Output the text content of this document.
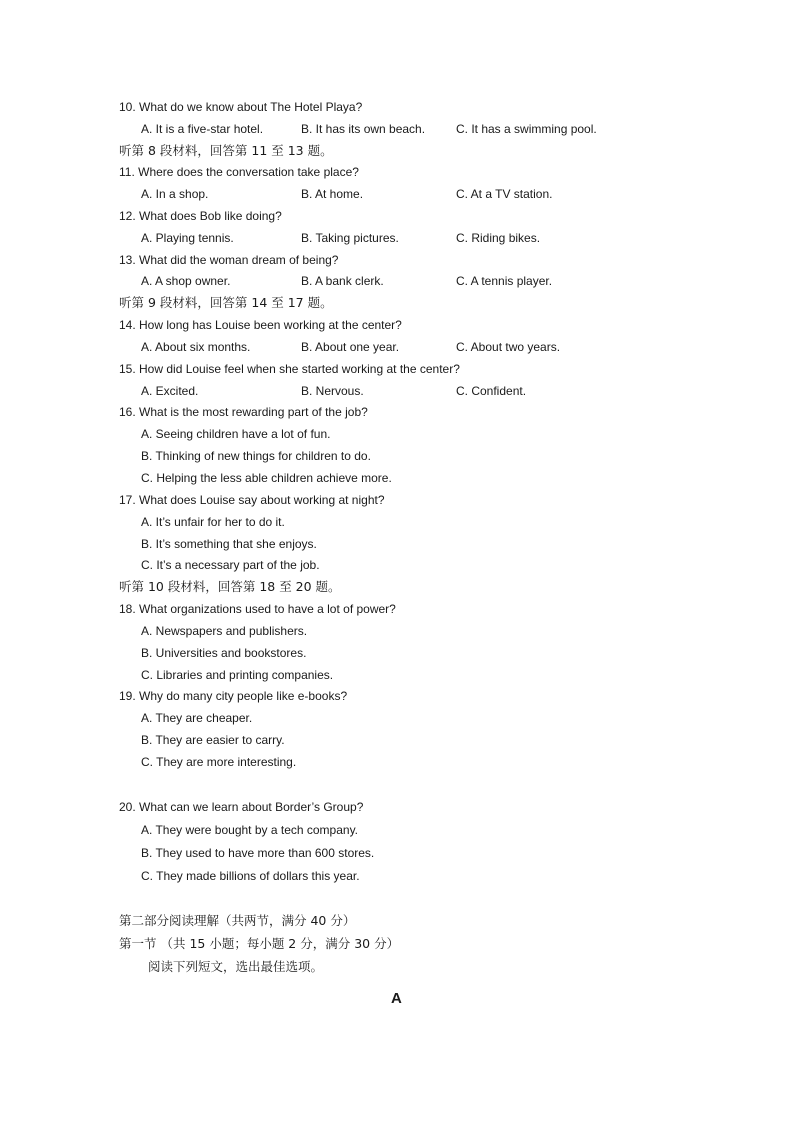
10. What do we know about The Hotel Playa?
A. It is a five-star hotel.	B. It has its own beach.	C. It has a swimming pool.
听第 8 段材料，回答第 11 至 13 题。
11. Where does the conversation take place?
A. In a shop.	B. At home.	C. At a TV station.
12. What does Bob like doing?
A. Playing tennis.	B. Taking pictures.	C. Riding bikes.
13. What did the woman dream of being?
A. A shop owner.	B. A bank clerk.	C. A tennis player.
听第 9 段材料，回答第 14 至 17 题。
14. How long has Louise been working at the center?
A. About six months.	B. About one year.	C. About two years.
15. How did Louise feel when she started working at the center?
A. Excited.	B. Nervous.	C. Confident.
16. What is the most rewarding part of the job?
A. Seeing children have a lot of fun.
B. Thinking of new things for children to do.
C. Helping the less able children achieve more.
17. What does Louise say about working at night?
A. It’s unfair for her to do it.
B. It’s something that she enjoys.
C. It’s a necessary part of the job.
听第 10 段材料，回答第 18 至 20 题。
18. What organizations used to have a lot of power?
A. Newspapers and publishers.
B. Universities and bookstores.
C. Libraries and printing companies.
19. Why do many city people like e-books?
A. They are cheaper.
B. They are easier to carry.
C. They are more interesting.
20. What can we learn about Border’s Group?
A. They were bought by a tech company.
B. They used to have more than 600 stores.
C. They made billions of dollars this year.
第二部分阅读理解（共两节，满分 40 分）
第一节 （共 15 小题；每小题 2 分，满分 30 分）
阅读下列短文，选出最佳选项。
A
